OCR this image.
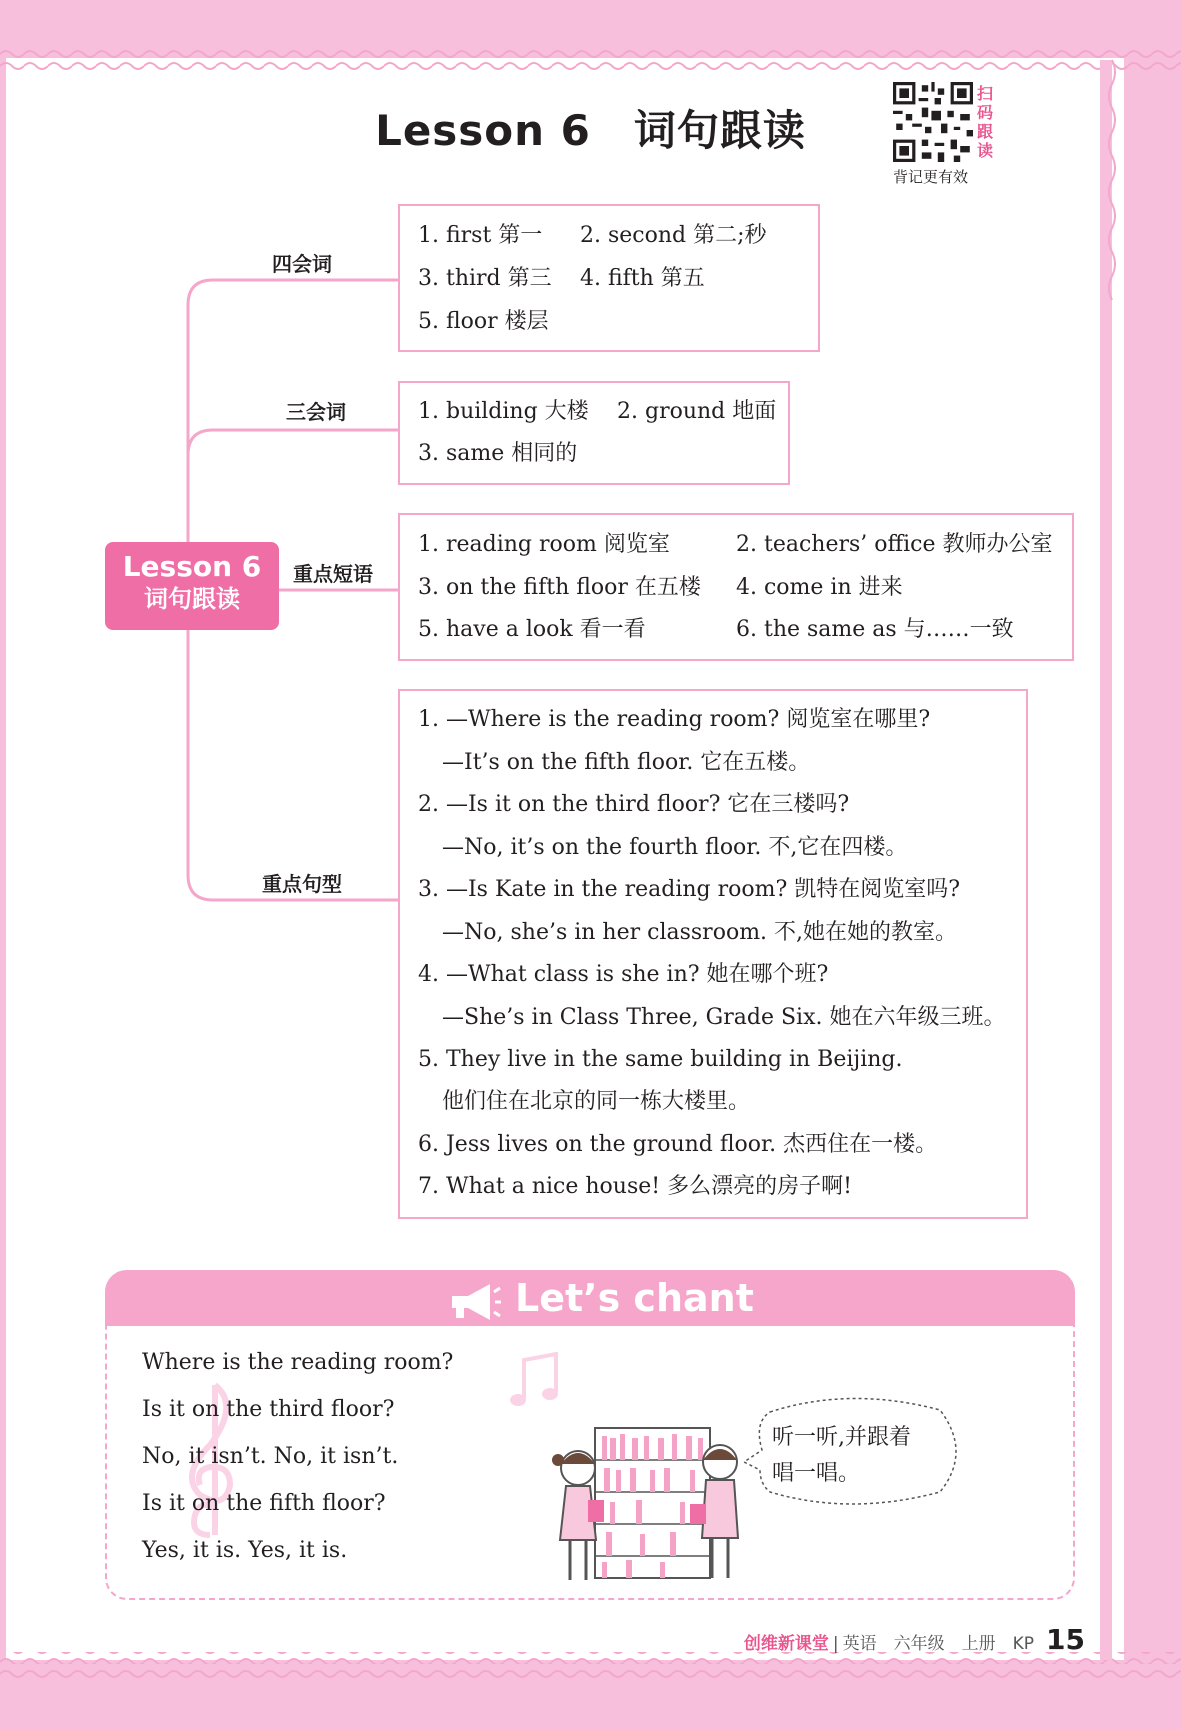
Lesson 6　词句跟读
扫
码
跟
读
背记更有效
Lesson 6
词句跟读
四会词
三会词
重点短语
重点句型
1. first 第一 2. second 第二;秒
3. third 第三 4. fifth 第五
5. floor 楼层
1. building 大楼 2. ground 地面
3. same 相同的
1. reading room 阅览室	2. teachers’ office 教师办公室
3. on the fifth floor 在五楼 4. come in 进来
5. have a look 看一看	6. the same as 与……一致
1. —Where is the reading room? 阅览室在哪里?
—It’s on the fifth floor. 它在五楼。
2. —Is it on the third floor? 它在三楼吗?
—No, it’s on the fourth floor. 不,它在四楼。
3. —Is Kate in the reading room? 凯特在阅览室吗?
—No, she’s in her classroom. 不,她在她的教室。
4. —What class is she in? 她在哪个班?
—She’s in Class Three, Grade Six. 她在六年级三班。
5. They live in the same building in Beijing.
他们住在北京的同一栋大楼里。
6. Jess lives on the ground floor. 杰西住在一楼。
7. What a nice house! 多么漂亮的房子啊!
Let’s chant
Where is the reading room?
Is it on the third floor?
No, it isn’t. No, it isn’t.
Is it on the fifth floor?
Yes, it is. Yes, it is.
听一听,并跟着
唱一唱。
创维新课堂 | 英语　六年级　上册　KP 15
